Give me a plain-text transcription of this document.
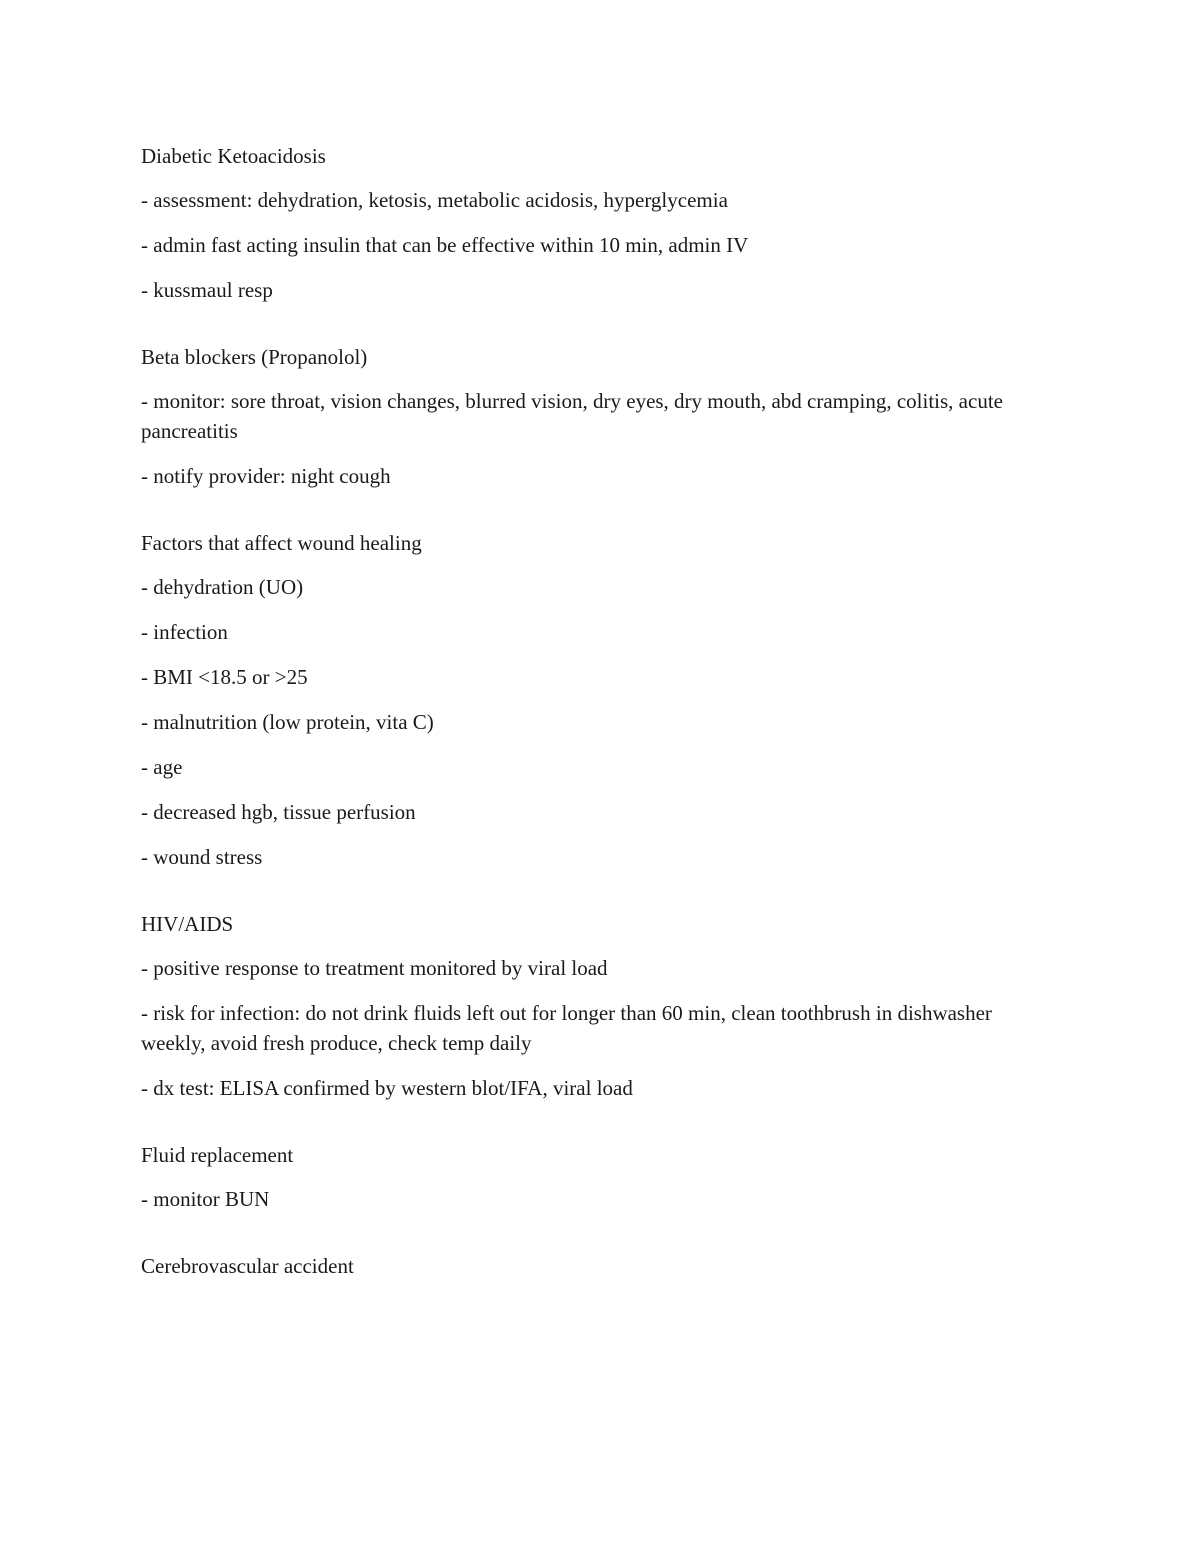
Diabetic Ketoacidosis
- assessment: dehydration, ketosis, metabolic acidosis, hyperglycemia
- admin fast acting insulin that can be effective within 10 min, admin IV
- kussmaul resp
Beta blockers (Propanolol)
- monitor: sore throat, vision changes, blurred vision, dry eyes, dry mouth, abd cramping, colitis, acute pancreatitis
- notify provider: night cough
Factors that affect wound healing
- dehydration (UO)
- infection
- BMI <18.5 or >25
- malnutrition (low protein, vita C)
- age
- decreased hgb, tissue perfusion
- wound stress
HIV/AIDS
- positive response to treatment monitored by viral load
- risk for infection: do not drink fluids left out for longer than 60 min, clean toothbrush in dishwasher weekly, avoid fresh produce, check temp daily
- dx test: ELISA confirmed by western blot/IFA, viral load
Fluid replacement
- monitor BUN
Cerebrovascular accident
